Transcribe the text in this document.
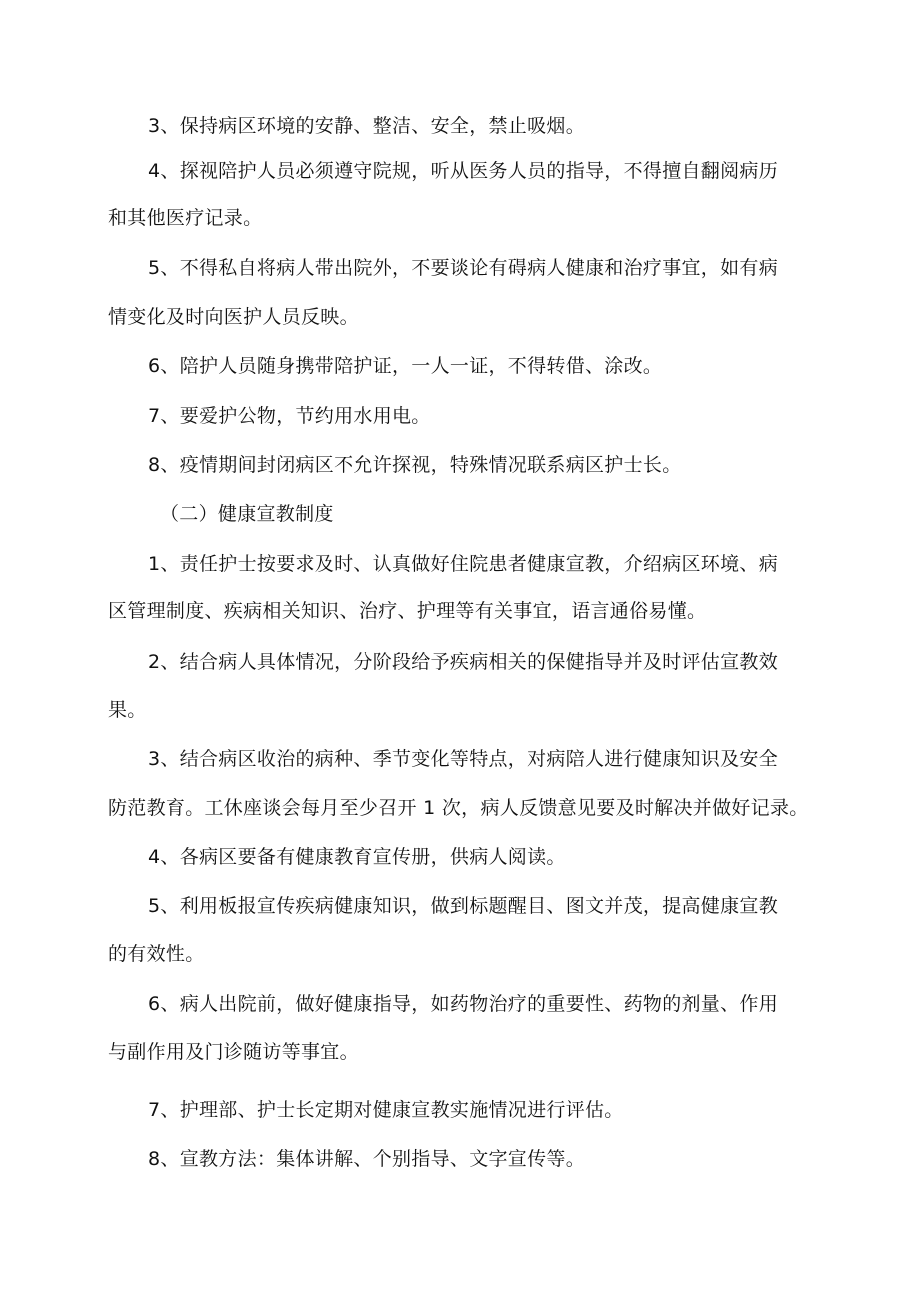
3、保持病区环境的安静、整洁、安全，禁止吸烟。
4、探视陪护人员必须遵守院规，听从医务人员的指导，不得擅自翻阅病历
和其他医疗记录。
5、不得私自将病人带出院外，不要谈论有碍病人健康和治疗事宜，如有病
情变化及时向医护人员反映。
6、陪护人员随身携带陪护证，一人一证，不得转借、涂改。
7、要爱护公物，节约用水用电。
8、疫情期间封闭病区不允许探视，特殊情况联系病区护士长。
（二）健康宣教制度
1、责任护士按要求及时、认真做好住院患者健康宣教，介绍病区环境、病
区管理制度、疾病相关知识、治疗、护理等有关事宜，语言通俗易懂。
2、结合病人具体情况，分阶段给予疾病相关的保健指导并及时评估宣教效
果。
3、结合病区收治的病种、季节变化等特点，对病陪人进行健康知识及安全
防范教育。工休座谈会每月至少召开 1 次，病人反馈意见要及时解决并做好记录。
4、各病区要备有健康教育宣传册，供病人阅读。
5、利用板报宣传疾病健康知识，做到标题醒目、图文并茂，提高健康宣教
的有效性。
6、病人出院前，做好健康指导，如药物治疗的重要性、药物的剂量、作用
与副作用及门诊随访等事宜。
7、护理部、护士长定期对健康宣教实施情况进行评估。
8、宣教方法：集体讲解、个别指导、文字宣传等。
